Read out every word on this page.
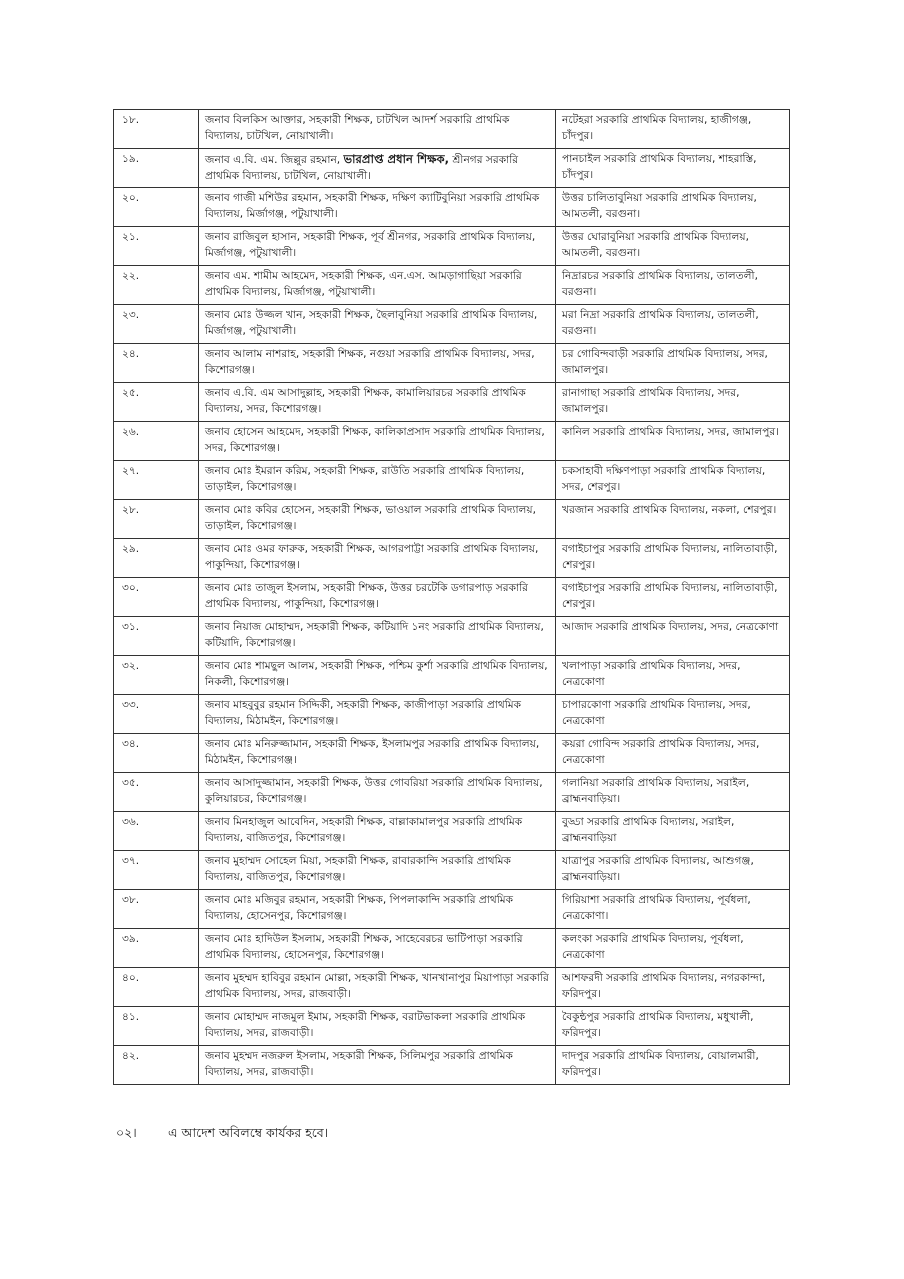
১৮.	জনাব বিলকিস আক্তার, সহকারী শিক্ষক, চাটখিল আদর্শ সরকারি প্রাথমিক বিদ্যালয়, চাটখিল, নোয়াখালী।	নটেহরা সরকারি প্রাথমিক বিদ্যালয়, হাজীগঞ্জ, চাঁদপুর।
১৯.	জনাব এ.বি. এম. জিল্লুর রহমান, ভারপ্রাপ্ত প্রধান শিক্ষক, শ্রীনগর সরকারি প্রাথমিক বিদ্যালয়, চাটখিল, নোয়াখালী।	পানচাইল সরকারি প্রাথমিক বিদ্যালয়, শাহরাস্তি, চাঁদপুর।
২০.	জনাব গাজী মশিউর রহমান, সহকারী শিক্ষক, দক্ষিণ ক্যাটিবুনিয়া সরকারি প্রাথমিক বিদ্যালয়, মির্জাগঞ্জ, পটুয়াখালী।	উত্তর চালিতাবুনিয়া সরকারি প্রাথমিক বিদ্যালয়, আমতলী, বরগুনা।
২১.	জনাব রাজিবুল হাসান, সহকারী শিক্ষক, পূর্ব শ্রীনগর, সরকারি প্রাথমিক বিদ্যালয়, মির্জাগঞ্জ, পটুয়াখালী।	উত্তর ঘোরাবুনিয়া সরকারি প্রাথমিক বিদ্যালয়, আমতলী, বরগুনা।
২২.	জনাব এম. শামীম আহমেদ, সহকারী শিক্ষক, এন.এস. আমড়াগাছিয়া সরকারি প্রাথমিক বিদ্যালয়, মির্জাগঞ্জ, পটুয়াখালী।	নিদ্রারচর সরকারি প্রাথমিক বিদ্যালয়, তালতলী, বরগুনা।
২৩.	জনাব মোঃ উজ্জল খান, সহকারী শিক্ষক, ছৈলাবুনিয়া সরকারি প্রাথমিক বিদ্যালয়, মির্জাগঞ্জ, পটুয়াখালী।	মরা নিদ্রা সরকারি প্রাথমিক বিদ্যালয়, তালতলী, বরগুনা।
২৪.	জনাব আলাম নাশরাহ, সহকারী শিক্ষক, নগুয়া সরকারি প্রাথমিক বিদ্যালয়, সদর, কিশোরগঞ্জ।	চর গোবিন্দবাড়ী সরকারি প্রাথমিক বিদ্যালয়, সদর, জামালপুর।
২৫.	জনাব এ.বি. এম আসাদুল্লাহ, সহকারী শিক্ষক, কামালিয়ারচর সরকারি প্রাথমিক বিদ্যালয়, সদর, কিশোরগঞ্জ।	রানাগাছা সরকারি প্রাথমিক বিদ্যালয়, সদর, জামালপুর।
২৬.	জনাব হোসেন আহমেদ, সহকারী শিক্ষক, কালিকাপ্রসাদ সরকারি প্রাথমিক বিদ্যালয়, সদর, কিশোরগঞ্জ।	কানিল সরকারি প্রাথমিক বিদ্যালয়, সদর, জামালপুর।
২৭.	জনাব মোঃ ইমরান করিম, সহকারী শিক্ষক, রাউতি সরকারি প্রাথমিক বিদ্যালয়, তাড়াইল, কিশোরগঞ্জ।	চকসাহাবী দক্ষিণপাড়া সরকারি প্রাথমিক বিদ্যালয়, সদর, শেরপুর।
২৮.	জনাব মোঃ কবির হোসেন, সহকারী শিক্ষক, ভাওয়াল সরকারি প্রাথমিক বিদ্যালয়, তাড়াইল, কিশোরগঞ্জ।	খরজান সরকারি প্রাথমিক বিদ্যালয়, নকলা, শেরপুর।
২৯.	জনাব মোঃ ওমর ফারুক, সহকারী শিক্ষক, আগরপাট্টা সরকারি প্রাথমিক বিদ্যালয়, পাকুন্দিয়া, কিশোরগঞ্জ।	বগাইচাপুর সরকারি প্রাথমিক বিদ্যালয়, নালিতাবাড়ী, শেরপুর।
৩০.	জনাব মোঃ তাজুল ইসলাম, সহকারী শিক্ষক, উত্তর চরটেকি ডগারপাড় সরকারি প্রাথমিক বিদ্যালয়, পাকুন্দিয়া, কিশোরগঞ্জ।	বগাইচাপুর সরকারি প্রাথমিক বিদ্যালয়, নালিতাবাড়ী, শেরপুর।
৩১.	জনাব নিয়াজ মোহাম্মদ, সহকারী শিক্ষক, কটিয়াদি ১নং সরকারি প্রাথমিক বিদ্যালয়, কটিয়াদি, কিশোরগঞ্জ।	আজাদ সরকারি প্রাথমিক বিদ্যালয়, সদর, নেত্রকোণা
৩২.	জনাব মোঃ শামছুল আলম, সহকারী শিক্ষক, পশ্চিম কুর্শা সরকারি প্রাথমিক বিদ্যালয়, নিকলী, কিশোরগঞ্জ।	খলাপাড়া সরকারি প্রাথমিক বিদ্যালয়, সদর, নেত্রকোণা
৩৩.	জনাব মাহবুবুর রহমান সিদ্দিকী, সহকারী শিক্ষক, কাজীপাড়া সরকারি প্রাথমিক বিদ্যালয়, মিঠামইন, কিশোরগঞ্জ।	চাপারকোণা সরকারি প্রাথমিক বিদ্যালয়, সদর, নেত্রকোণা
৩৪.	জনাব মোঃ মনিরুজ্জামান, সহকারী শিক্ষক, ইসলামপুর সরকারি প্রাথমিক বিদ্যালয়, মিঠামইন, কিশোরগঞ্জ।	কয়রা গোবিন্দ সরকারি প্রাথমিক বিদ্যালয়, সদর, নেত্রকোণা
৩৫.	জনাব আসাদুজ্জামান, সহকারী শিক্ষক, উত্তর গোবরিয়া সরকারি প্রাথমিক বিদ্যালয়, কুলিয়ারচর, কিশোরগঞ্জ।	গলানিয়া সরকারি প্রাথমিক বিদ্যালয়, সরাইল, ব্রাহ্মনবাড়িয়া।
৩৬.	জনাব মিনহাজুল আবেদিন, সহকারী শিক্ষক, বাল্লাকামালপুর সরকারি প্রাথমিক বিদ্যালয়, বাজিতপুর, কিশোরগঞ্জ।	বুড্ডা সরকারি প্রাথমিক বিদ্যালয়, সরাইল, ব্রাহ্মনবাড়িয়া
৩৭.	জনাব মুহাম্মদ সোহেল মিয়া, সহকারী শিক্ষক, রাবারকান্দি সরকারি প্রাথমিক বিদ্যালয়, বাজিতপুর, কিশোরগঞ্জ।	যাত্রাপুর সরকারি প্রাথমিক বিদ্যালয়, আশুগঞ্জ, ব্রাহ্মনবাড়িয়া।
৩৮.	জনাব মোঃ মজিবুর রহমান, সহকারী শিক্ষক, পিপলাকান্দি সরকারি প্রাথমিক বিদ্যালয়, হোসেনপুর, কিশোরগঞ্জ।	গিরিয়াশা সরকারি প্রাথমিক বিদ্যালয়, পূর্বধলা, নেত্রকোণা।
৩৯.	জনাব মোঃ হাদিউল ইসলাম, সহকারী শিক্ষক, সাহেবেরচর ভাটিপাড়া সরকারি প্রাথমিক বিদ্যালয়, হোসেনপুর, কিশোরগঞ্জ।	কলংকা সরকারি প্রাথমিক বিদ্যালয়, পূর্বধলা, নেত্রকোণা
৪০.	জনাব মুহম্মদ হাবিবুর রহমান মোল্লা, সহকারী শিক্ষক, খানখানাপুর মিয়াপাড়া সরকারি প্রাথমিক বিদ্যালয়, সদর, রাজবাড়ী।	আশফরদী সরকারি প্রাথমিক বিদ্যালয়, নগরকান্দা, ফরিদপুর।
৪১.	জনাব মোহাম্মদ নাজমুল ইমাম, সহকারী শিক্ষক, বরাটভাকলা সরকারি প্রাথমিক বিদ্যালয়, সদর, রাজবাড়ী।	বৈকুন্ঠপুর সরকারি প্রাথমিক বিদ্যালয়, মধুখালী, ফরিদপুর।
৪২.	জনাব মুহম্মদ নজরুল ইসলাম, সহকারী শিক্ষক, সিলিমপুর সরকারি প্রাথমিক বিদ্যালয়, সদর, রাজবাড়ী।	দাদপুর সরকারি প্রাথমিক বিদ্যালয়, বোয়ালমারী, ফরিদপুর।
০২।	এ আদেশ অবিলম্বে কার্যকর হবে।
